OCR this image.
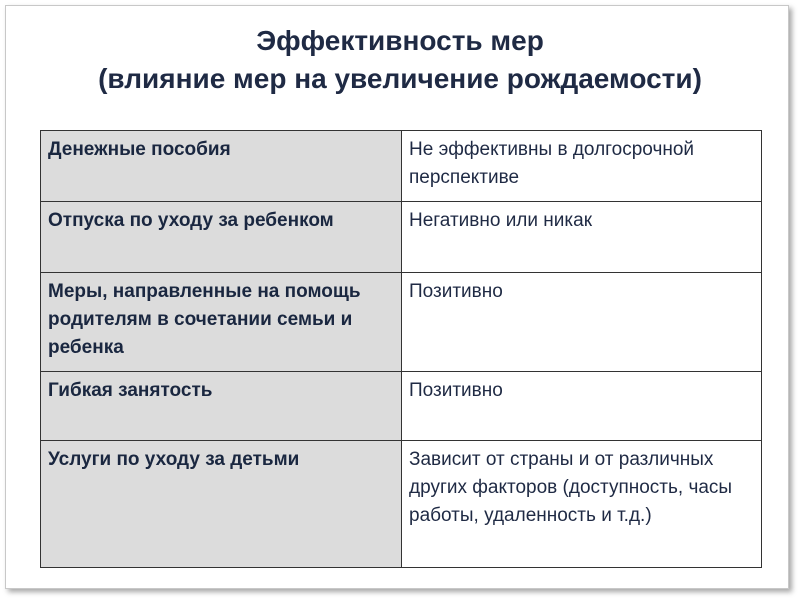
Эффективность мер
(влияние мер на увеличение рождаемости)
Денежные пособия	Не эффективны в долгосрочной перспективе
Отпуска по уходу за ребенком	Негативно или никак
Меры, направленные на помощь родителям в сочетании семьи и ребенка	Позитивно
Гибкая занятость	Позитивно
Услуги по уходу за детьми	Зависит от страны и от различных других факторов (доступность, часы работы, удаленность и т.д.)
